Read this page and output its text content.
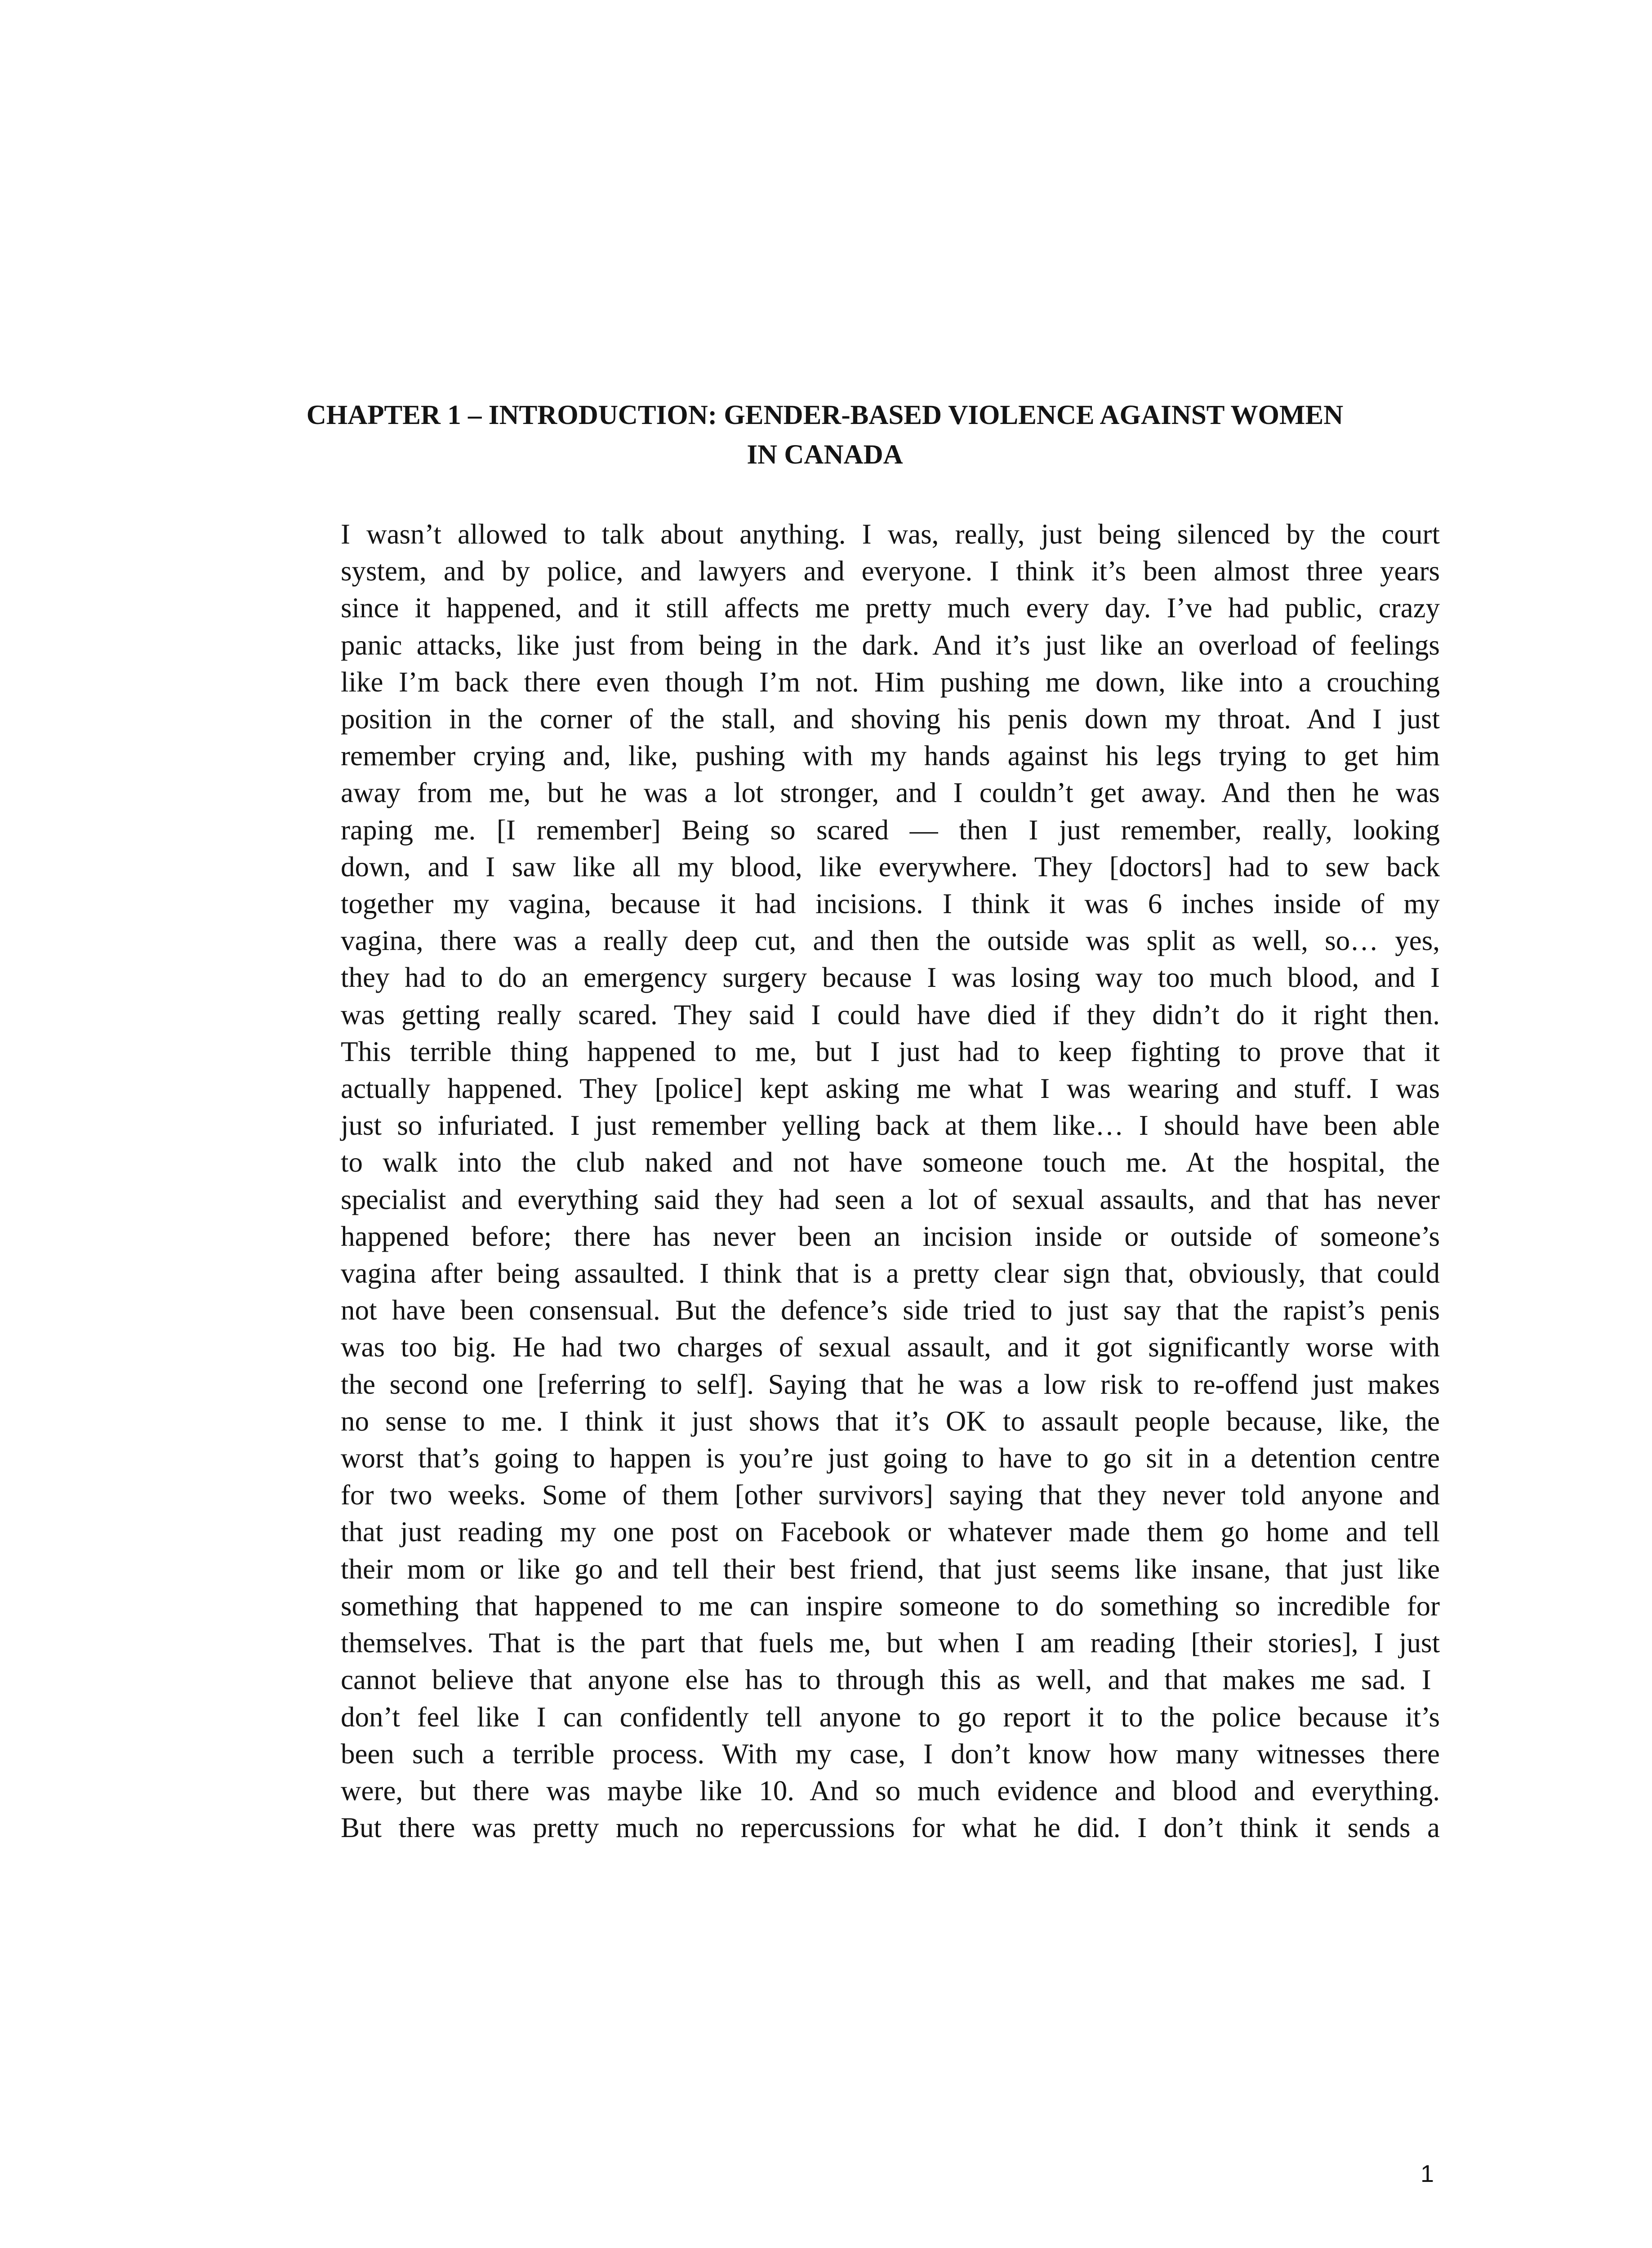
CHAPTER 1 – INTRODUCTION: GENDER-BASED VIOLENCE AGAINST WOMEN
IN CANADA
I wasn’t allowed to talk about anything. I was, really, just being silenced by the court
system, and by police, and lawyers and everyone. I think it’s been almost three years
since it happened, and it still affects me pretty much every day. I’ve had public, crazy
panic attacks, like just from being in the dark. And it’s just like an overload of feelings
like I’m back there even though I’m not. Him pushing me down, like into a crouching
position in the corner of the stall, and shoving his penis down my throat. And I just
remember crying and, like, pushing with my hands against his legs trying to get him
away from me, but he was a lot stronger, and I couldn’t get away. And then he was
raping me. [I remember] Being so scared — then I just remember, really, looking
down, and I saw like all my blood, like everywhere. They [doctors] had to sew back
together my vagina, because it had incisions. I think it was 6 inches inside of my
vagina, there was a really deep cut, and then the outside was split as well, so… yes,
they had to do an emergency surgery because I was losing way too much blood, and I
was getting really scared. They said I could have died if they didn’t do it right then.
This terrible thing happened to me, but I just had to keep fighting to prove that it
actually happened. They [police] kept asking me what I was wearing and stuff. I was
just so infuriated. I just remember yelling back at them like… I should have been able
to walk into the club naked and not have someone touch me. At the hospital, the
specialist and everything said they had seen a lot of sexual assaults, and that has never
happened before; there has never been an incision inside or outside of someone’s
vagina after being assaulted. I think that is a pretty clear sign that, obviously, that could
not have been consensual. But the defence’s side tried to just say that the rapist’s penis
was too big. He had two charges of sexual assault, and it got significantly worse with
the second one [referring to self]. Saying that he was a low risk to re-offend just makes
no sense to me. I think it just shows that it’s OK to assault people because, like, the
worst that’s going to happen is you’re just going to have to go sit in a detention centre
for two weeks. Some of them [other survivors] saying that they never told anyone and
that just reading my one post on Facebook or whatever made them go home and tell
their mom or like go and tell their best friend, that just seems like insane, that just like
something that happened to me can inspire someone to do something so incredible for
themselves. That is the part that fuels me, but when I am reading [their stories], I just
cannot believe that anyone else has to through this as well, and that makes me sad. I
don’t feel like I can confidently tell anyone to go report it to the police because it’s
been such a terrible process. With my case, I don’t know how many witnesses there
were, but there was maybe like 10. And so much evidence and blood and everything.
But there was pretty much no repercussions for what he did. I don’t think it sends a
1
